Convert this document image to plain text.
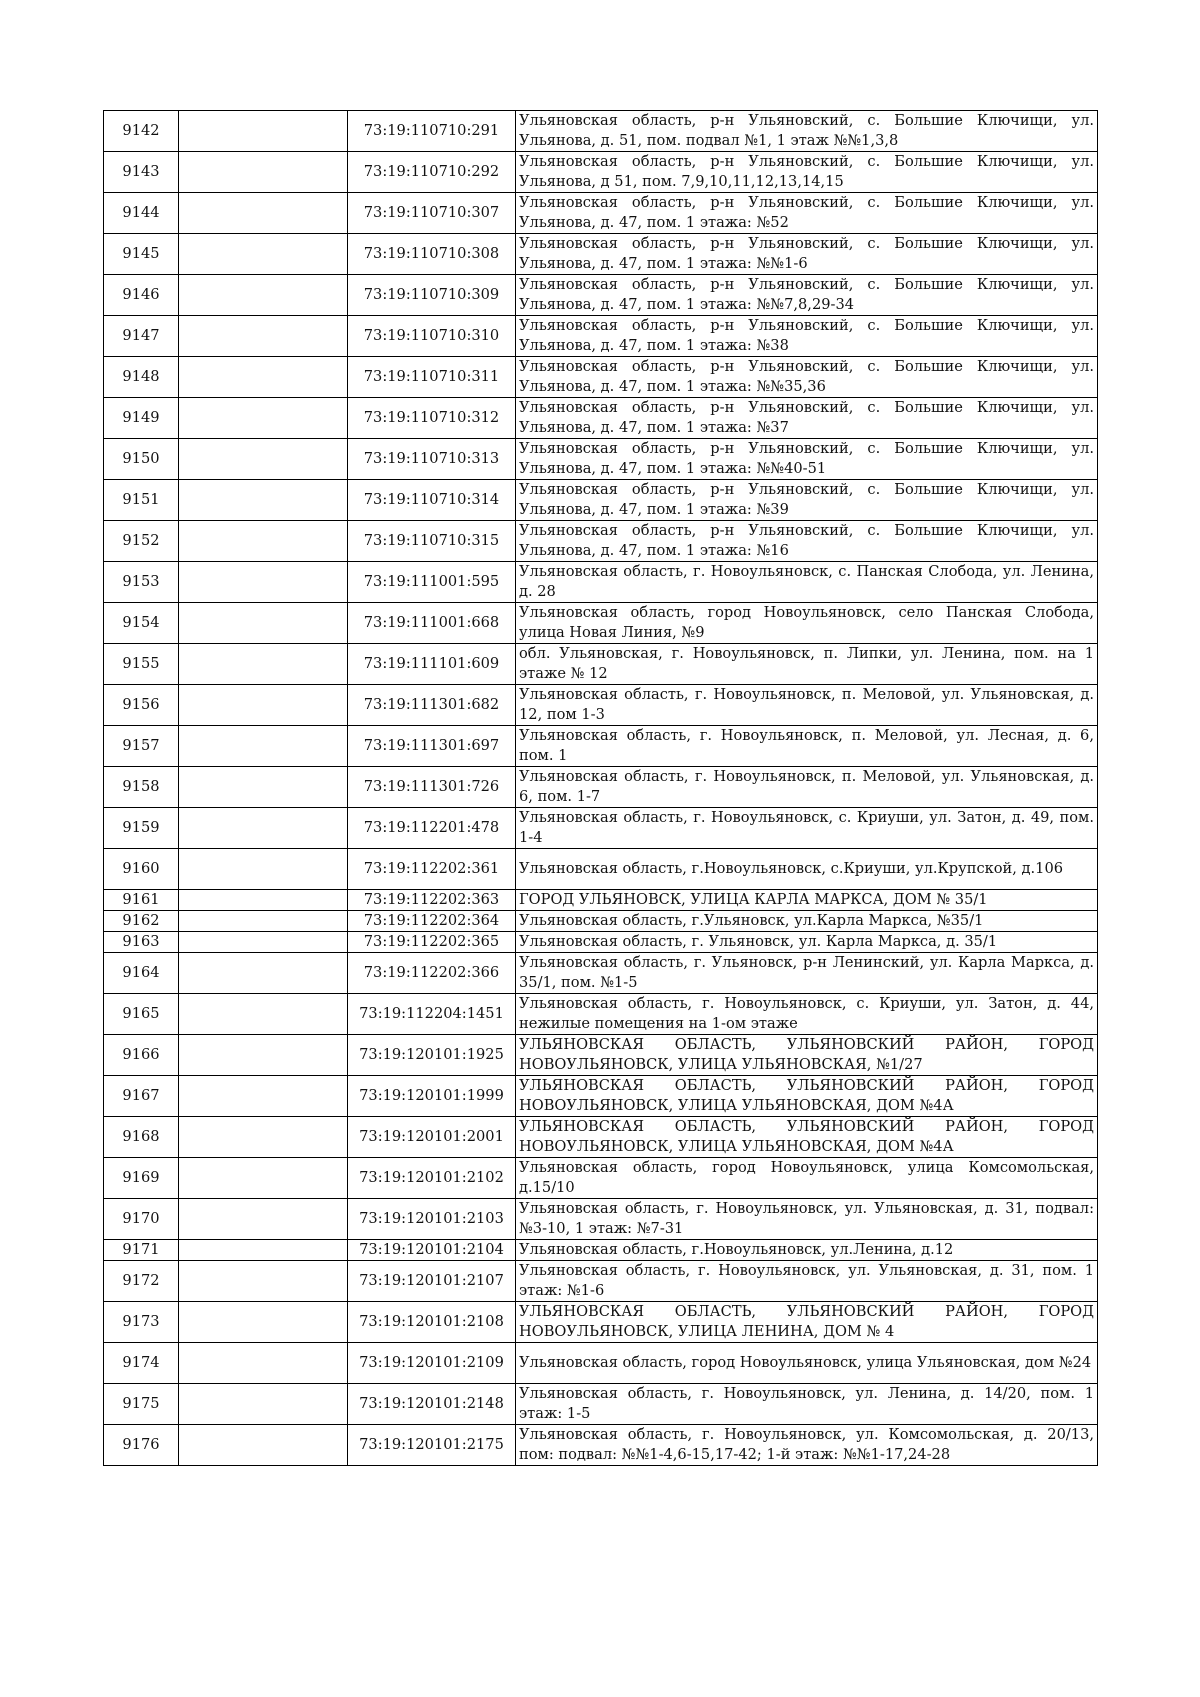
9142		73:19:110710:291	Ульяновская область, р-н Ульяновский, с. Большие Ключищи, ул. Ульянова, д. 51, пом. подвал №1, 1 этаж №№1,3,8
9143		73:19:110710:292	Ульяновская область, р-н Ульяновский, с. Большие Ключищи, ул. Ульянова, д 51, пом. 7,9,10,11,12,13,14,15
9144		73:19:110710:307	Ульяновская область, р-н Ульяновский, с. Большие Ключищи, ул. Ульянова, д. 47, пом. 1 этажа: №52
9145		73:19:110710:308	Ульяновская область, р-н Ульяновский, с. Большие Ключищи, ул. Ульянова, д. 47, пом. 1 этажа: №№1-6
9146		73:19:110710:309	Ульяновская область, р-н Ульяновский, с. Большие Ключищи, ул. Ульянова, д. 47, пом. 1 этажа: №№7,8,29-34
9147		73:19:110710:310	Ульяновская область, р-н Ульяновский, с. Большие Ключищи, ул. Ульянова, д. 47, пом. 1 этажа: №38
9148		73:19:110710:311	Ульяновская область, р-н Ульяновский, с. Большие Ключищи, ул. Ульянова, д. 47, пом. 1 этажа: №№35,36
9149		73:19:110710:312	Ульяновская область, р-н Ульяновский, с. Большие Ключищи, ул. Ульянова, д. 47, пом. 1 этажа: №37
9150		73:19:110710:313	Ульяновская область, р-н Ульяновский, с. Большие Ключищи, ул. Ульянова, д. 47, пом. 1 этажа: №№40-51
9151		73:19:110710:314	Ульяновская область, р-н Ульяновский, с. Большие Ключищи, ул. Ульянова, д. 47, пом. 1 этажа: №39
9152		73:19:110710:315	Ульяновская область, р-н Ульяновский, с. Большие Ключищи, ул. Ульянова, д. 47, пом. 1 этажа: №16
9153		73:19:111001:595	Ульяновская область, г. Новоульяновск, с. Панская Слобода, ул. Ленина, д. 28
9154		73:19:111001:668	Ульяновская область, город Новоульяновск, село Панская Слобода, улица Новая Линия, №9
9155		73:19:111101:609	обл. Ульяновская, г. Новоульяновск, п. Липки, ул. Ленина, пом. на 1 этаже № 12
9156		73:19:111301:682	Ульяновская область, г. Новоульяновск, п. Меловой, ул. Ульяновская, д. 12, пом 1-3
9157		73:19:111301:697	Ульяновская область, г. Новоульяновск, п. Меловой, ул. Лесная, д. 6, пом. 1
9158		73:19:111301:726	Ульяновская область, г. Новоульяновск, п. Меловой, ул. Ульяновская, д. 6, пом. 1-7
9159		73:19:112201:478	Ульяновская область, г. Новоульяновск, с. Криуши, ул. Затон, д. 49, пом. 1-4
9160		73:19:112202:361	Ульяновская область, г.Новоульяновск, с.Криуши, ул.Крупской, д.106
9161		73:19:112202:363	ГОРОД УЛЬЯНОВСК, УЛИЦА КАРЛА МАРКСА, ДОМ № 35/1
9162		73:19:112202:364	Ульяновская область, г.Ульяновск, ул.Карла Маркса, №35/1
9163		73:19:112202:365	Ульяновская область, г. Ульяновск, ул. Карла Маркса, д. 35/1
9164		73:19:112202:366	Ульяновская область, г. Ульяновск, р-н Ленинский, ул. Карла Маркса, д. 35/1, пом. №1-5
9165		73:19:112204:1451	Ульяновская область, г. Новоульяновск, с. Криуши, ул. Затон, д. 44, нежилые помещения на 1-ом этаже
9166		73:19:120101:1925	УЛЬЯНОВСКАЯ ОБЛАСТЬ, УЛЬЯНОВСКИЙ РАЙОН, ГОРОД НОВОУЛЬЯНОВСК, УЛИЦА УЛЬЯНОВСКАЯ, №1/27
9167		73:19:120101:1999	УЛЬЯНОВСКАЯ ОБЛАСТЬ, УЛЬЯНОВСКИЙ РАЙОН, ГОРОД НОВОУЛЬЯНОВСК, УЛИЦА УЛЬЯНОВСКАЯ, ДОМ №4А
9168		73:19:120101:2001	УЛЬЯНОВСКАЯ ОБЛАСТЬ, УЛЬЯНОВСКИЙ РАЙОН, ГОРОД НОВОУЛЬЯНОВСК, УЛИЦА УЛЬЯНОВСКАЯ, ДОМ №4А
9169		73:19:120101:2102	Ульяновская область, город Новоульяновск, улица Комсомольская, д.15/10
9170		73:19:120101:2103	Ульяновская область, г. Новоульяновск, ул. Ульяновская, д. 31, подвал: №3-10, 1 этаж: №7-31
9171		73:19:120101:2104	Ульяновская область, г.Новоульяновск, ул.Ленина, д.12
9172		73:19:120101:2107	Ульяновская область, г. Новоульяновск, ул. Ульяновская, д. 31, пом. 1 этаж: №1-6
9173		73:19:120101:2108	УЛЬЯНОВСКАЯ ОБЛАСТЬ, УЛЬЯНОВСКИЙ РАЙОН, ГОРОД НОВОУЛЬЯНОВСК, УЛИЦА ЛЕНИНА, ДОМ № 4
9174		73:19:120101:2109	Ульяновская область, город Новоульяновск, улица Ульяновская, дом №24
9175		73:19:120101:2148	Ульяновская область, г. Новоульяновск, ул. Ленина, д. 14/20, пом. 1 этаж: 1-5
9176		73:19:120101:2175	Ульяновская область, г. Новоульяновск, ул. Комсомольская, д. 20/13, пом: подвал: №№1-4,6-15,17-42; 1-й этаж: №№1-17,24-28
